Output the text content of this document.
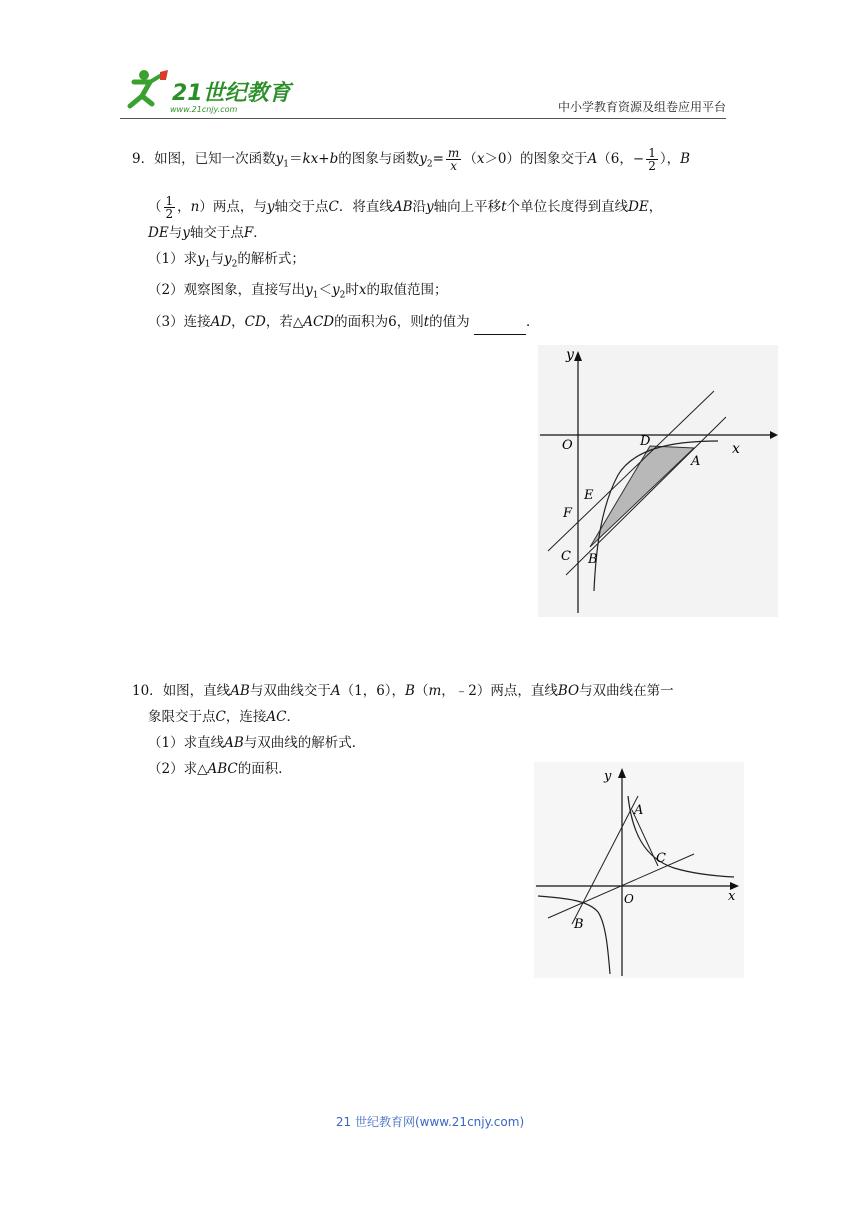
21世纪教育
www.21cnjy.com	中小学教育资源及组卷应用平台
9．如图，已知一次函数$y_1=kx+b$的图象与函数$y_2= \frac{m}{x} (x>0)$的图象交于A（6，− $\frac{1}{2}$ ），B
（ $\frac{1}{2}$ ，n）两点，与y轴交于点C．将直线AB沿y轴向上平移t个单位长度得到直线DE，
DE与y轴交于点F．
（1）求$y_1$与$y_2$的解析式；
（2）观察图象，直接写出$y_1<y_2$时x的取值范围；
（3）连接AD，CD，若△ACD的面积为6，则t的值为	．
x
y
O	D
A
E
F
C B
10．如图，直线AB与双曲线交于A（1，6），B（m，﹣2）两点，直线BO与双曲线在第一
象限交于点C，连接AC．
（1）求直线AB与双曲线的解析式．
（2）求△ABC的面积．	y
x
O
A
C
B
21 世纪教育网(www.21cnjy.com)
